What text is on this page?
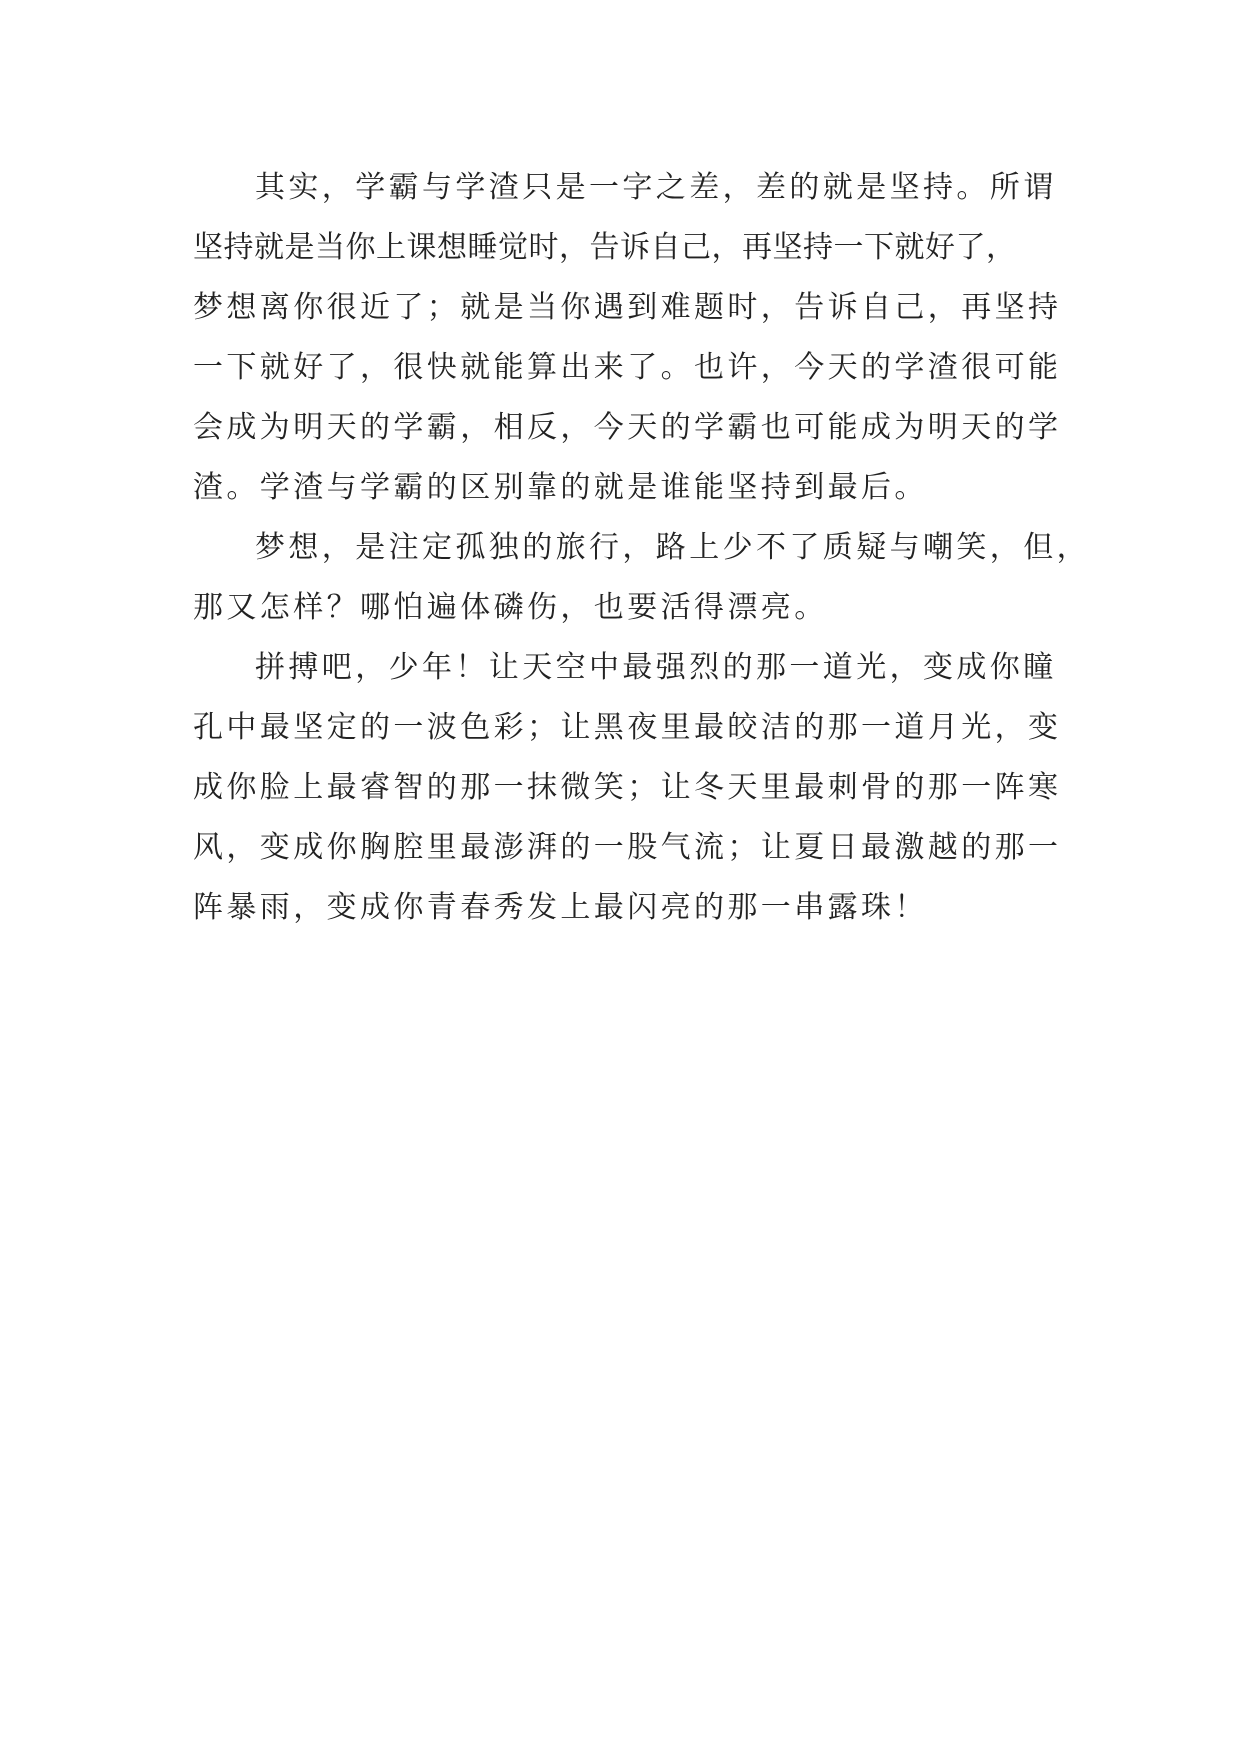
其实，学霸与学渣只是一字之差，差的就是坚持。所谓
坚持就是当你上课想睡觉时，告诉自己，再坚持一下就好了，
梦想离你很近了；就是当你遇到难题时，告诉自己，再坚持
一下就好了，很快就能算出来了。也许，今天的学渣很可能
会成为明天的学霸，相反，今天的学霸也可能成为明天的学
渣。学渣与学霸的区别靠的就是谁能坚持到最后。
梦想，是注定孤独的旅行，路上少不了质疑与嘲笑，但，
那又怎样？哪怕遍体磷伤，也要活得漂亮。
拼搏吧，少年！让天空中最强烈的那一道光，变成你瞳
孔中最坚定的一波色彩；让黑夜里最皎洁的那一道月光，变
成你脸上最睿智的那一抹微笑；让冬天里最刺骨的那一阵寒
风，变成你胸腔里最澎湃的一股气流；让夏日最激越的那一
阵暴雨，变成你青春秀发上最闪亮的那一串露珠！
